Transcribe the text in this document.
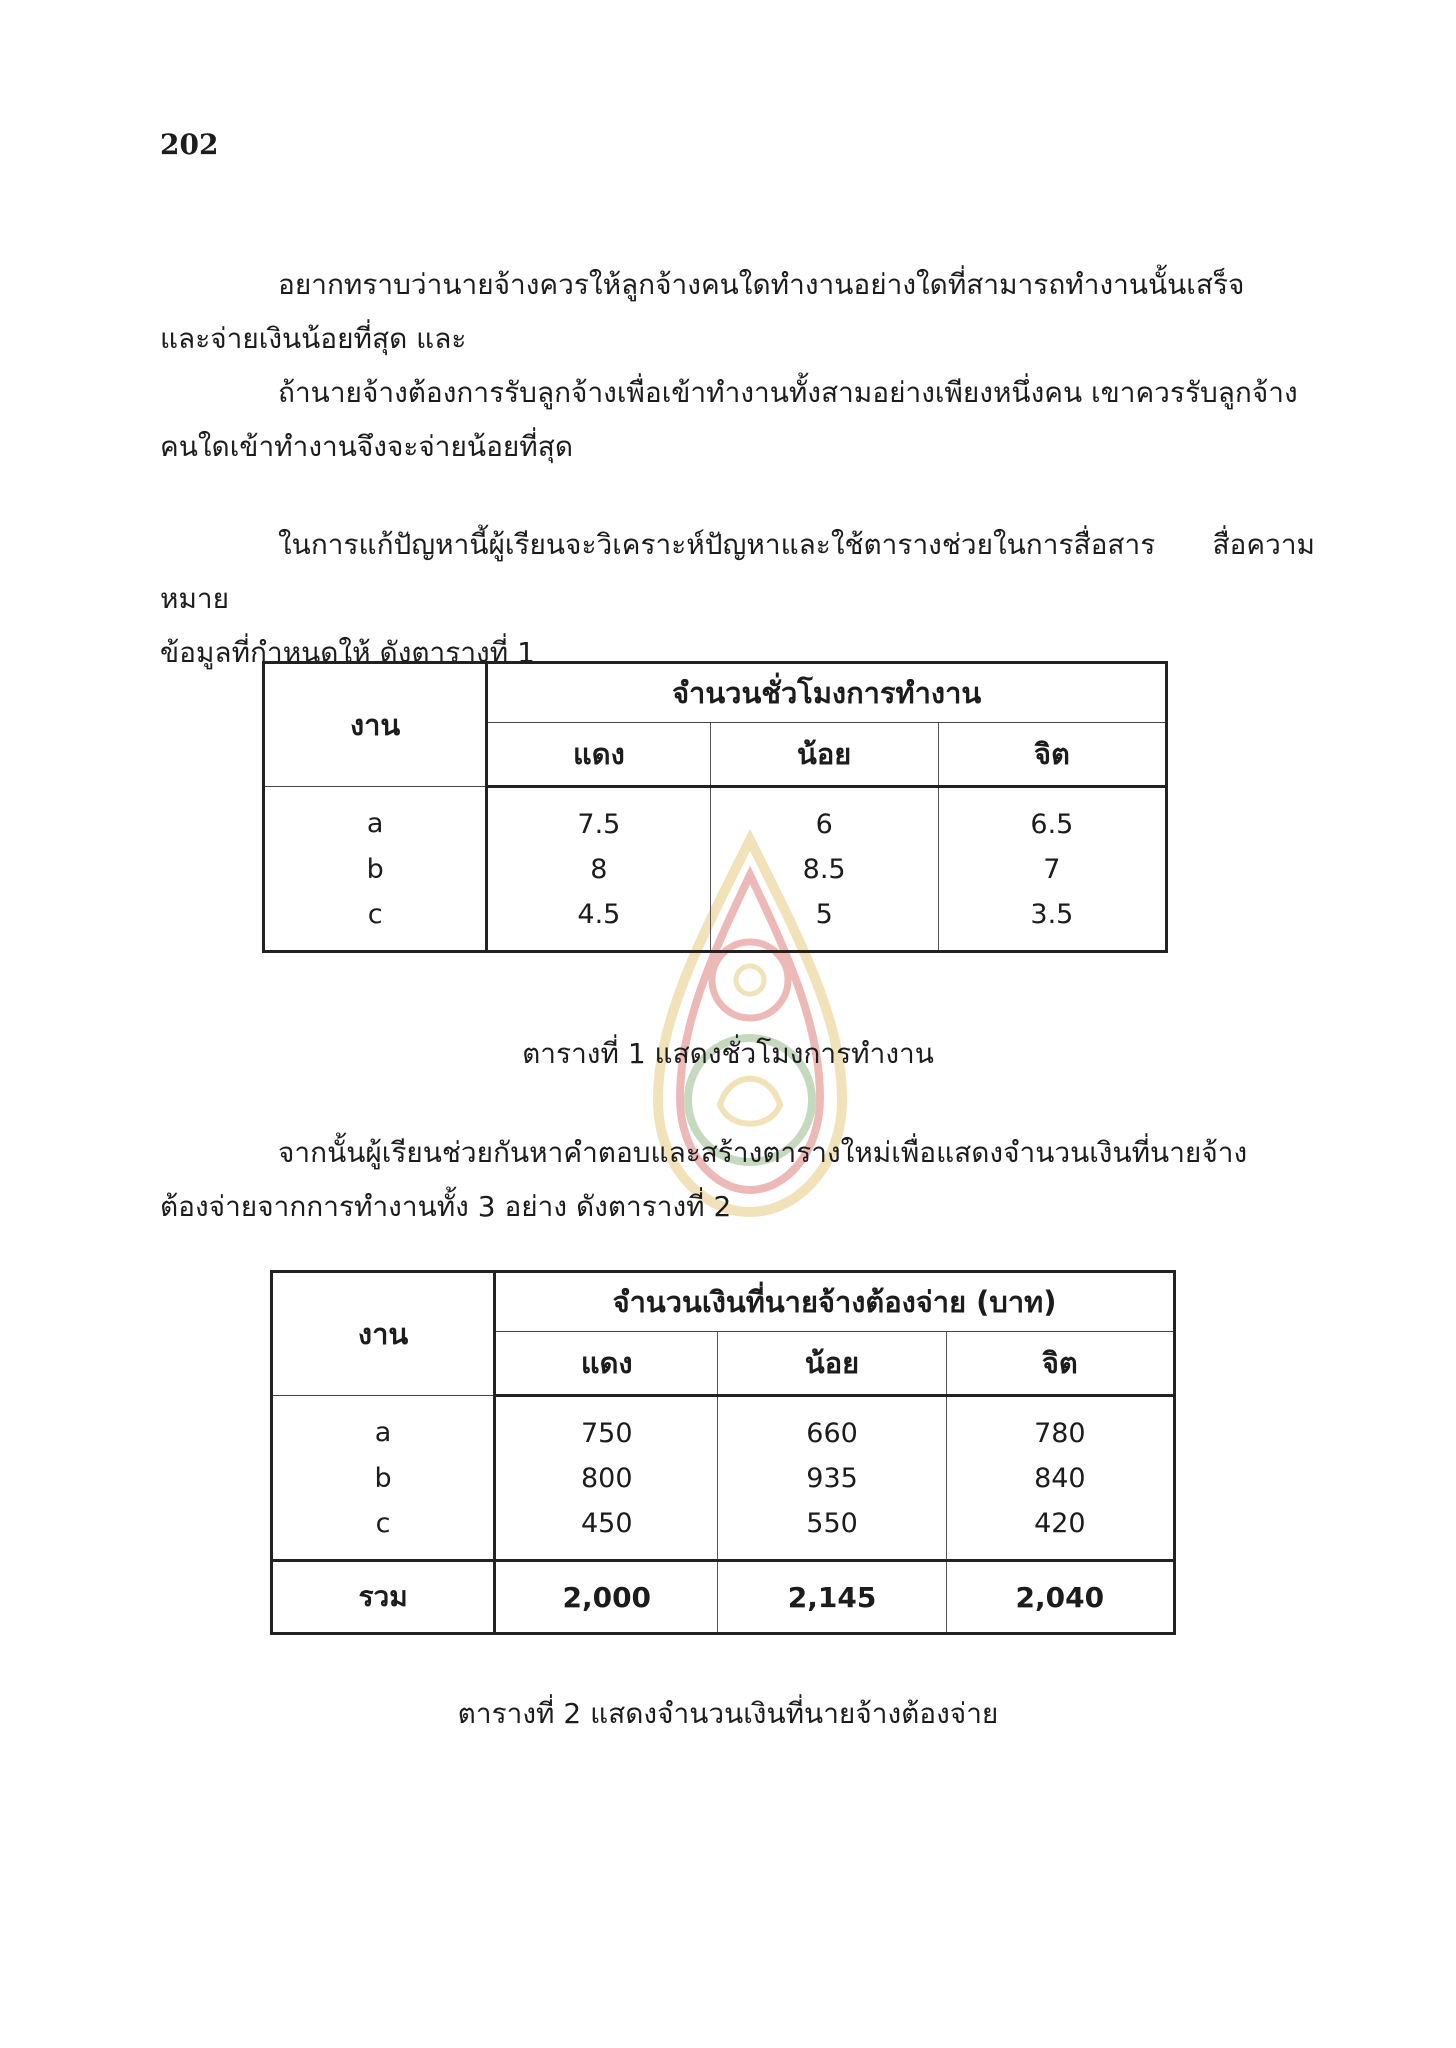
202

อยากทราบว่านายจ้างควรให้ลูกจ้างคนใดทำงานอย่างใดที่สามารถทำงานนั้นเสร็จ
และจ่ายเงินน้อยที่สุด และ

ถ้านายจ้างต้องการรับลูกจ้างเพื่อเข้าทำงานทั้งสามอย่างเพียงหนึ่งคน เขาควรรับลูกจ้าง
คนใดเข้าทำงานจึงจะจ่ายน้อยที่สุด

ในการแก้ปัญหานี้ผู้เรียนจะวิเคราะห์ปัญหาและใช้ตารางช่วยในการสื่อสาร สื่อความหมาย
ข้อมูลที่กำหนดให้ ดังตารางที่ 1

งาน	จำนวนชั่วโมงการทำงาน		
	แดง	น้อย	จิต
a	7.5	6	6.5
b	8	8.5	7
c	4.5	5	3.5
ตารางที่ 1 แสดงชั่วโมงการทำงาน

จากนั้นผู้เรียนช่วยกันหาคำตอบและสร้างตารางใหม่เพื่อแสดงจำนวนเงินที่นายจ้าง
ต้องจ่ายจากการทำงานทั้ง 3 อย่าง ดังตารางที่ 2

งาน	จำนวนเงินที่นายจ้างต้องจ่าย (บาท)		
	แดง	น้อย	จิต
a	750	660	780
b	800	935	840
c	450	550	420
รวม	2,000	2,145	2,040
ตารางที่ 2 แสดงจำนวนเงินที่นายจ้างต้องจ่าย
